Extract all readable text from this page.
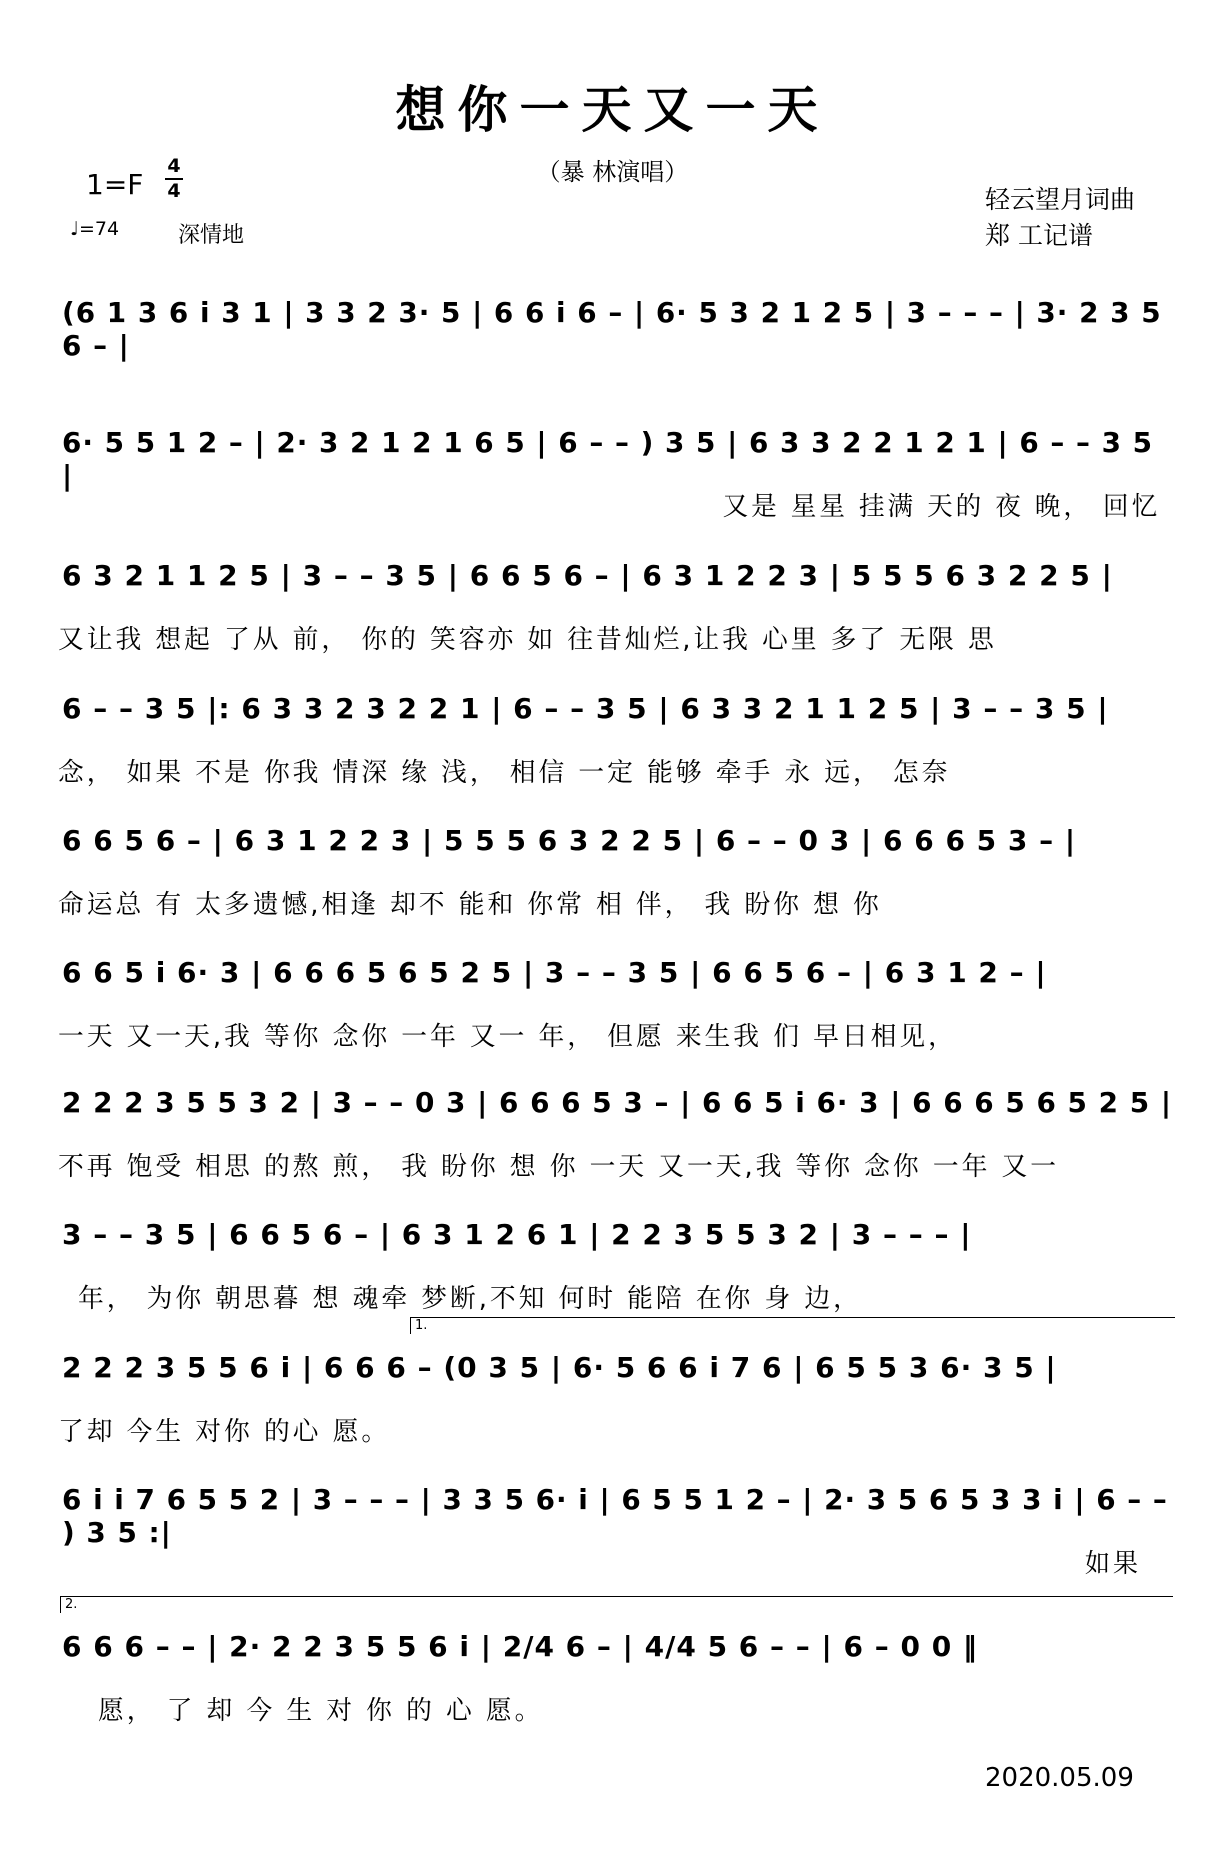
想你一天又一天
（暴 林演唱）
1=F
4
4
♩=74	深情地
轻云望月词曲
郑 工记谱
(6 1 3 6 i 3 1 | 3 3 2 3· 5 | 6 6 i 6 – | 6· 5 3 2 1 2 5 | 3 – – – | 3· 2 3 5 6 – |
6· 5 5 1 2 – | 2· 3 2 1 2 1 6 5 | 6 – – ) 3 5 | 6 3 3 2 2 1 2 1 | 6 – – 3 5 |
又是 星星 挂满 天的 夜 晚， 回忆
6 3 2 1 1 2 5 | 3 – – 3 5 | 6 6 5 6 – | 6 3 1 2 2 3 | 5 5 5 6 3 2 2 5 |
又让我 想起 了从 前， 你的 笑容亦 如 往昔灿烂,让我 心里 多了 无限 思
6 – – 3 5 |: 6 3 3 2 3 2 2 1 | 6 – – 3 5 | 6 3 3 2 1 1 2 5 | 3 – – 3 5 |
念， 如果 不是 你我 情深 缘 浅， 相信 一定 能够 牵手 永 远， 怎奈
6 6 5 6 – | 6 3 1 2 2 3 | 5 5 5 6 3 2 2 5 | 6 – – 0 3 | 6 6 6 5 3 – |
命运总 有 太多遗憾,相逢 却不 能和 你常 相 伴， 我 盼你 想 你
6 6 5 i 6· 3 | 6 6 6 5 6 5 2 5 | 3 – – 3 5 | 6 6 5 6 – | 6 3 1 2 – |
一天 又一天,我 等你 念你 一年 又一 年， 但愿 来生我 们 早日相见，
2 2 2 3 5 5 3 2 | 3 – – 0 3 | 6 6 6 5 3 – | 6 6 5 i 6· 3 | 6 6 6 5 6 5 2 5 |
不再 饱受 相思 的熬 煎， 我 盼你 想 你 一天 又一天,我 等你 念你 一年 又一
3 – – 3 5 | 6 6 5 6 – | 6 3 1 2 6 1 | 2 2 3 5 5 3 2 | 3 – – – |
年， 为你 朝思暮 想 魂牵 梦断,不知 何时 能陪 在你 身 边，
1.
2 2 2 3 5 5 6 i | 6 6 6 – (0 3 5 | 6· 5 6 6 i 7 6 | 6 5 5 3 6· 3 5 |
了却 今生 对你 的心 愿。
6 i i 7 6 5 5 2 | 3 – – – | 3 3 5 6· i | 6 5 5 1 2 – | 2· 3 5 6 5 3 3 i | 6 – – ) 3 5 :|
如果
2.
6 6 6 – – | 2· 2 2 3 5 5 6 i | 2/4 6 – | 4/4 5 6 – – | 6 – 0 0 ‖
愿， 了 却 今 生 对 你 的 心 愿。
2020.05.09
